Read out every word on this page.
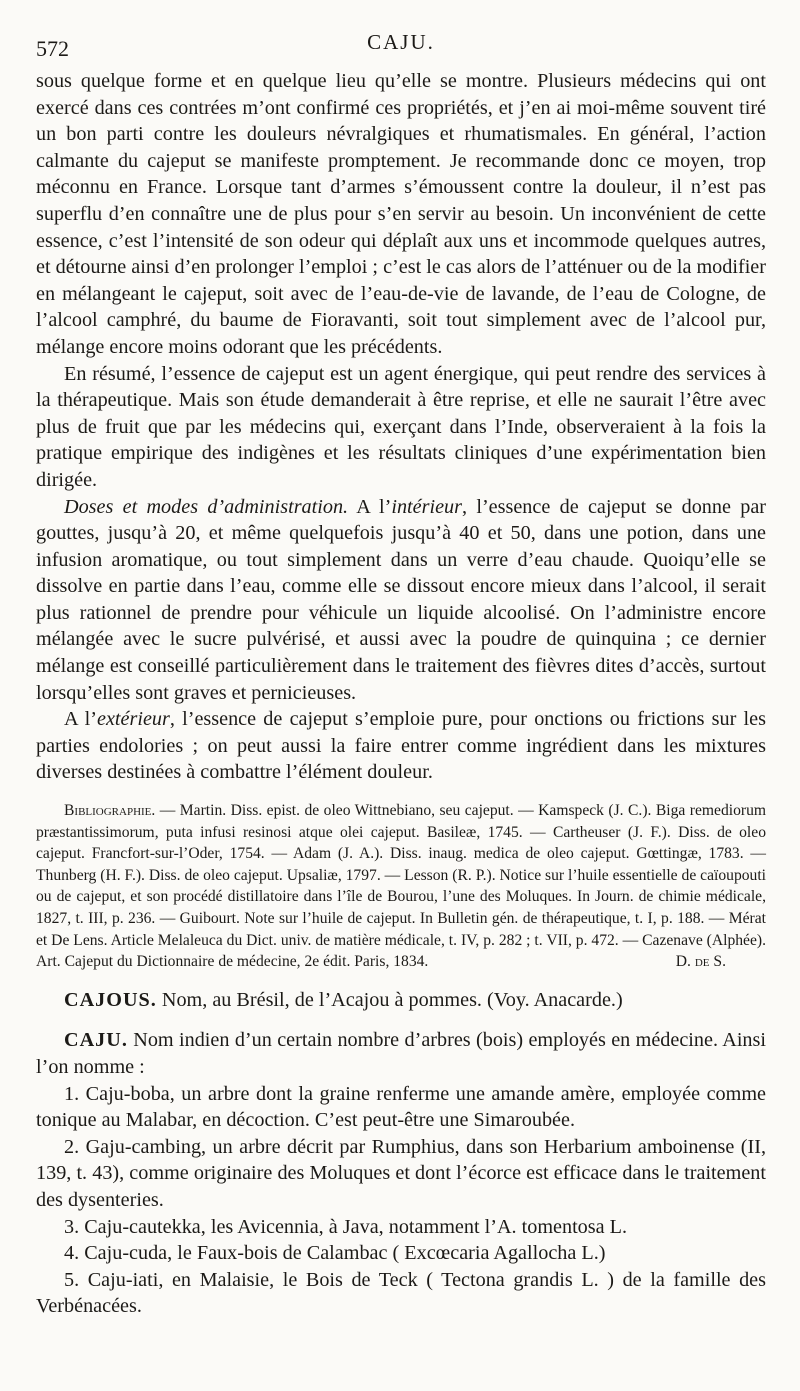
572	CAJU.

sous quelque forme et en quelque lieu qu’elle se montre. Plusieurs médecins qui ont exercé dans ces contrées m’ont confirmé ces propriétés, et j’en ai moi-même souvent tiré un bon parti contre les douleurs névralgiques et rhumatismales. En général, l’action calmante du cajeput se manifeste promptement. Je recommande donc ce moyen, trop méconnu en France. Lorsque tant d’armes s’émoussent contre la douleur, il n’est pas superflu d’en connaître une de plus pour s’en servir au besoin. Un inconvénient de cette essence, c’est l’intensité de son odeur qui déplaît aux uns et incommode quelques autres, et détourne ainsi d’en prolonger l’emploi ; c’est le cas alors de l’atténuer ou de la modifier en mélangeant le cajeput, soit avec de l’eau-de-vie de lavande, de l’eau de Cologne, de l’alcool camphré, du baume de Fioravanti, soit tout simplement avec de l’alcool pur, mélange encore moins odorant que les précédents.

En résumé, l’essence de cajeput est un agent énergique, qui peut rendre des services à la thérapeutique. Mais son étude demanderait à être reprise, et elle ne saurait l’être avec plus de fruit que par les médecins qui, exerçant dans l’Inde, observeraient à la fois la pratique empirique des indigènes et les résultats cliniques d’une expérimentation bien dirigée.

Doses et modes d’administration. A l’intérieur, l’essence de cajeput se donne par gouttes, jusqu’à 20, et même quelquefois jusqu’à 40 et 50, dans une potion, dans une infusion aromatique, ou tout simplement dans un verre d’eau chaude. Quoiqu’elle se dissolve en partie dans l’eau, comme elle se dissout encore mieux dans l’alcool, il serait plus rationnel de prendre pour véhicule un liquide alcoolisé. On l’administre encore mélangée avec le sucre pulvérisé, et aussi avec la poudre de quinquina ; ce dernier mélange est conseillé particulièrement dans le traitement des fièvres dites d’accès, surtout lorsqu’elles sont graves et pernicieuses.

A l’extérieur, l’essence de cajeput s’emploie pure, pour onctions ou frictions sur les parties endolories ; on peut aussi la faire entrer comme ingrédient dans les mixtures diverses destinées à combattre l’élément douleur.

Bibliographie. — Martin. Diss. epist. de oleo Wittnebiano, seu cajeput. — Kamspeck (J. C.). Biga remediorum præstantissimorum, puta infusi resinosi atque olei cajeput. Basileæ, 1745. — Cartheuser (J. F.). Diss. de oleo cajeput. Francfort-sur-l’Oder, 1754. — Adam (J. A.). Diss. inaug. medica de oleo cajeput. Gœttingæ, 1783. — Thunberg (H. F.). Diss. de oleo cajeput. Upsaliæ, 1797. — Lesson (R. P.). Notice sur l’huile essentielle de caïoupouti ou de cajeput, et son procédé distillatoire dans l’île de Bourou, l’une des Moluques. In Journ. de chimie médicale, 1827, t. III, p. 236. — Guibourt. Note sur l’huile de cajeput. In Bulletin gén. de thérapeutique, t. I, p. 188. — Mérat et De Lens. Article Melaleuca du Dict. univ. de matière médicale, t. IV, p. 282 ; t. VII, p. 472. — Cazenave (Alphée). Art. Cajeput du Dictionnaire de médecine, 2e édit. Paris, 1834.	D. de S.

CAJOUS. Nom, au Brésil, de l’Acajou à pommes. (Voy. Anacarde.)

CAJU. Nom indien d’un certain nombre d’arbres (bois) employés en médecine. Ainsi l’on nomme :

1. Caju-boba, un arbre dont la graine renferme une amande amère, employée comme tonique au Malabar, en décoction. C’est peut-être une Simaroubée.

2. Gaju-cambing, un arbre décrit par Rumphius, dans son Herbarium amboinense (II, 139, t. 43), comme originaire des Moluques et dont l’écorce est efficace dans le traitement des dysenteries.

3. Caju-cautekka, les Avicennia, à Java, notamment l’A. tomentosa L.

4. Caju-cuda, le Faux-bois de Calambac ( Excœcaria Agallocha L.)

5. Caju-iati, en Malaisie, le Bois de Teck ( Tectona grandis L. ) de la famille des Verbénacées.
